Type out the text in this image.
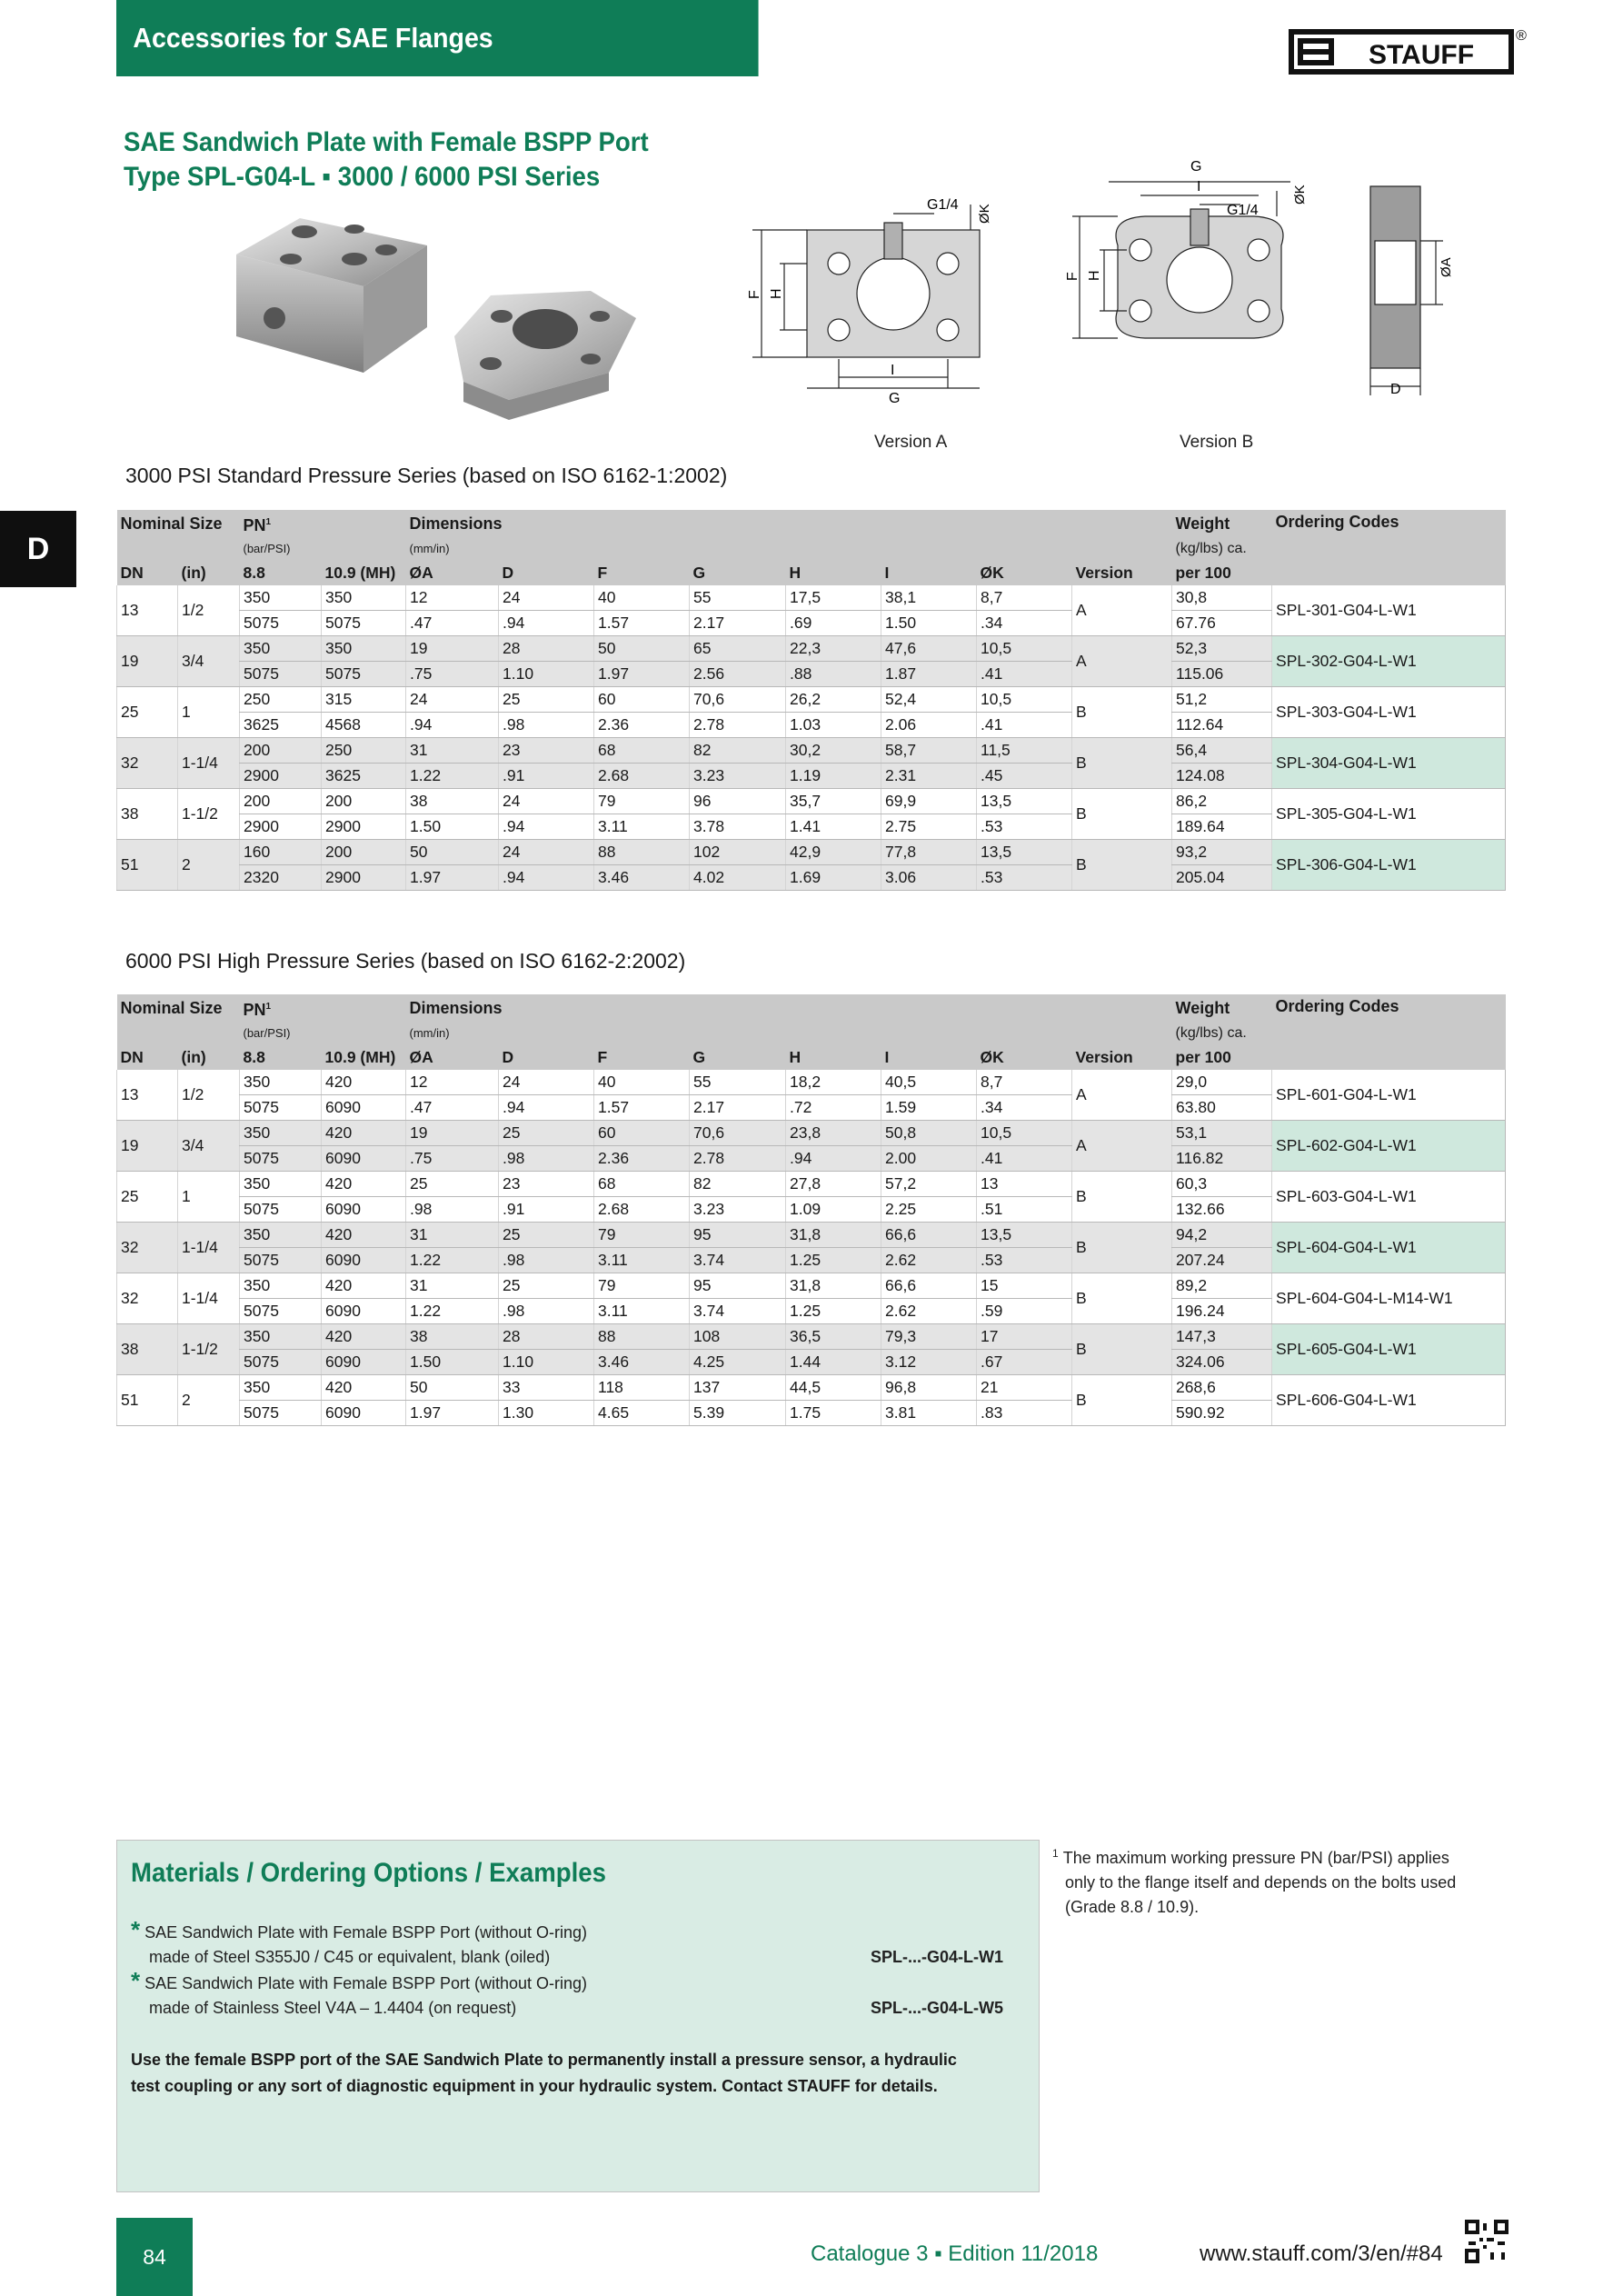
Accessories for SAE Flanges
STAUFF
®
D
SAE Sandwich Plate with Female BSPP Port
Type SPL-G04-L ▪ 3000 / 6000 PSI Series
G1/4 ØK
F H
I
G
Version A
G
I
G1/4
ØK
F H
Version B
D
ØA
3000 PSI Standard Pressure Series (based on ISO 6162-1:2002)
Nominal Size		$PN^1$		Dimensions								Weight	Ordering Codes
		(bar/PSI)		(mm/in)								(kg/lbs) ca.	
DN	(in)	8.8	10.9 (MH)	ØA	D	F	G	H	I	ØK	Version	per 100	
13	1/2	350	350	12	24	40	55	17,5	38,1	8,7	A	30,8	SPL-301-G04-L-W1
		5075	5075	.47	.94	1.57	2.17	.69	1.50	.34		67.76	
19	3/4	350	350	19	28	50	65	22,3	47,6	10,5	A	52,3	SPL-302-G04-L-W1
		5075	5075	.75	1.10	1.97	2.56	.88	1.87	.41		115.06	
25	1	250	315	24	25	60	70,6	26,2	52,4	10,5	B	51,2	SPL-303-G04-L-W1
		3625	4568	.94	.98	2.36	2.78	1.03	2.06	.41		112.64	
32	1-1/4	200	250	31	23	68	82	30,2	58,7	11,5	B	56,4	SPL-304-G04-L-W1
		2900	3625	1.22	.91	2.68	3.23	1.19	2.31	.45		124.08	
38	1-1/2	200	200	38	24	79	96	35,7	69,9	13,5	B	86,2	SPL-305-G04-L-W1
		2900	2900	1.50	.94	3.11	3.78	1.41	2.75	.53		189.64	
51	2	160	200	50	24	88	102	42,9	77,8	13,5	B	93,2	SPL-306-G04-L-W1
		2320	2900	1.97	.94	3.46	4.02	1.69	3.06	.53		205.04	
6000 PSI High Pressure Series (based on ISO 6162-2:2002)
Nominal Size		$PN^1$		Dimensions								Weight	Ordering Codes
		(bar/PSI)		(mm/in)								(kg/lbs) ca.	
DN	(in)	8.8	10.9 (MH)	ØA	D	F	G	H	I	ØK	Version	per 100	
13	1/2	350	420	12	24	40	55	18,2	40,5	8,7	A	29,0	SPL-601-G04-L-W1
		5075	6090	.47	.94	1.57	2.17	.72	1.59	.34		63.80	
19	3/4	350	420	19	25	60	70,6	23,8	50,8	10,5	A	53,1	SPL-602-G04-L-W1
		5075	6090	.75	.98	2.36	2.78	.94	2.00	.41		116.82	
25	1	350	420	25	23	68	82	27,8	57,2	13	B	60,3	SPL-603-G04-L-W1
		5075	6090	.98	.91	2.68	3.23	1.09	2.25	.51		132.66	
32	1-1/4	350	420	31	25	79	95	31,8	66,6	13,5	B	94,2	SPL-604-G04-L-W1
		5075	6090	1.22	.98	3.11	3.74	1.25	2.62	.53		207.24	
32	1-1/4	350	420	31	25	79	95	31,8	66,6	15	B	89,2	SPL-604-G04-L-M14-W1
		5075	6090	1.22	.98	3.11	3.74	1.25	2.62	.59		196.24	
38	1-1/2	350	420	38	28	88	108	36,5	79,3	17	B	147,3	SPL-605-G04-L-W1
		5075	6090	1.50	1.10	3.46	4.25	1.44	3.12	.67		324.06	
51	2	350	420	50	33	118	137	44,5	96,8	21	B	268,6	SPL-606-G04-L-W1
		5075	6090	1.97	1.30	4.65	5.39	1.75	3.81	.83		590.92	
Materials / Ordering Options / Examples
* SAE Sandwich Plate with Female BSPP Port (without O-ring)
made of Steel S355J0 / C45 or equivalent, blank (oiled)	SPL-...-G04-L-W1
* SAE Sandwich Plate with Female BSPP Port (without O-ring)
made of Stainless Steel V4A – 1.4404 (on request)	SPL-...-G04-L-W5
Use the female BSPP port of the SAE Sandwich Plate to permanently install a pressure sensor, a hydraulic
test coupling or any sort of diagnostic equipment in your hydraulic system. Contact STAUFF for details.
$^1$ The maximum working pressure PN (bar/PSI) applies
only to the flange itself and depends on the bolts used
(Grade 8.8 / 10.9).
84	Catalogue 3 ▪ Edition 11/2018	www.stauff.com/3/en/#84
